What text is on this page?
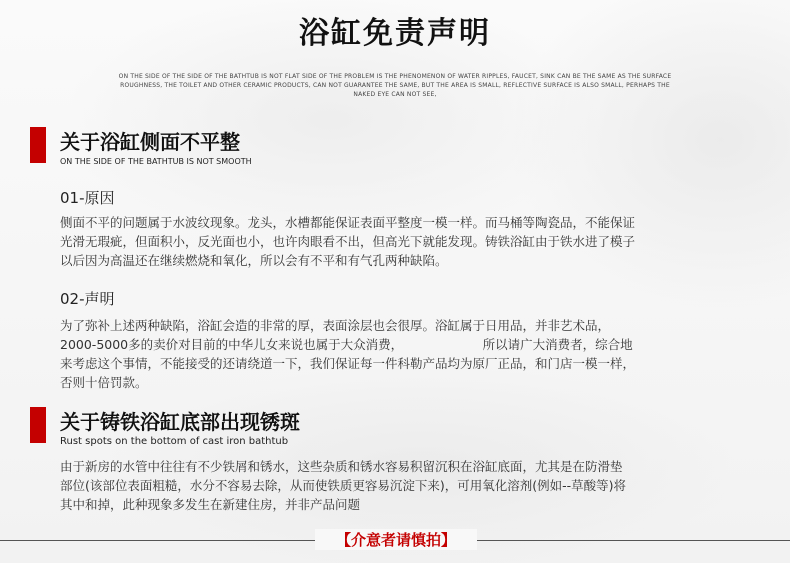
浴缸免责声明
ON THE SIDE OF THE SIDE OF THE BATHTUB IS NOT FLAT SIDE OF THE PROBLEM IS THE PHENOMENON OF WATER RIPPLES, FAUCET, SINK CAN BE THE SAME AS THE SURFACE
ROUGHNESS, THE TOILET AND OTHER CERAMIC PRODUCTS, CAN NOT GUARANTEE THE SAME, BUT THE AREA IS SMALL, REFLECTIVE SURFACE IS ALSO SMALL, PERHAPS THE
NAKED EYE CAN NOT SEE,
关于浴缸侧面不平整
ON THE SIDE OF THE BATHTUB IS NOT SMOOTH
01-原因
侧面不平的问题属于水波纹现象。龙头，水槽都能保证表面平整度一模一样。而马桶等陶瓷品，不能保证
光滑无瑕疵，但面积小，反光面也小，也许肉眼看不出，但高光下就能发现。铸铁浴缸由于铁水进了模子
以后因为高温还在继续燃烧和氧化，所以会有不平和有气孔两种缺陷。
02-声明
为了弥补上述两种缺陷，浴缸会造的非常的厚，表面涂层也会很厚。浴缸属于日用品，并非艺术品，
2000-5000多的卖价对目前的中华儿女来说也属于大众消费，                    所以请广大消费者，综合地
来考虑这个事情，不能接受的还请绕道一下，我们保证每一件科勒产品均为原厂正品，和门店一模一样，
否则十倍罚款。
关于铸铁浴缸底部出现锈斑
Rust spots on the bottom of cast iron bathtub
由于新房的水管中往往有不少铁屑和锈水，这些杂质和锈水容易积留沉积在浴缸底面，尤其是在防滑垫
部位(该部位表面粗糙，水分不容易去除，从而使铁质更容易沉淀下来)，可用氧化溶剂(例如--草酸等)将
其中和掉，此种现象多发生在新建住房，并非产品问题
【介意者请慎拍】
